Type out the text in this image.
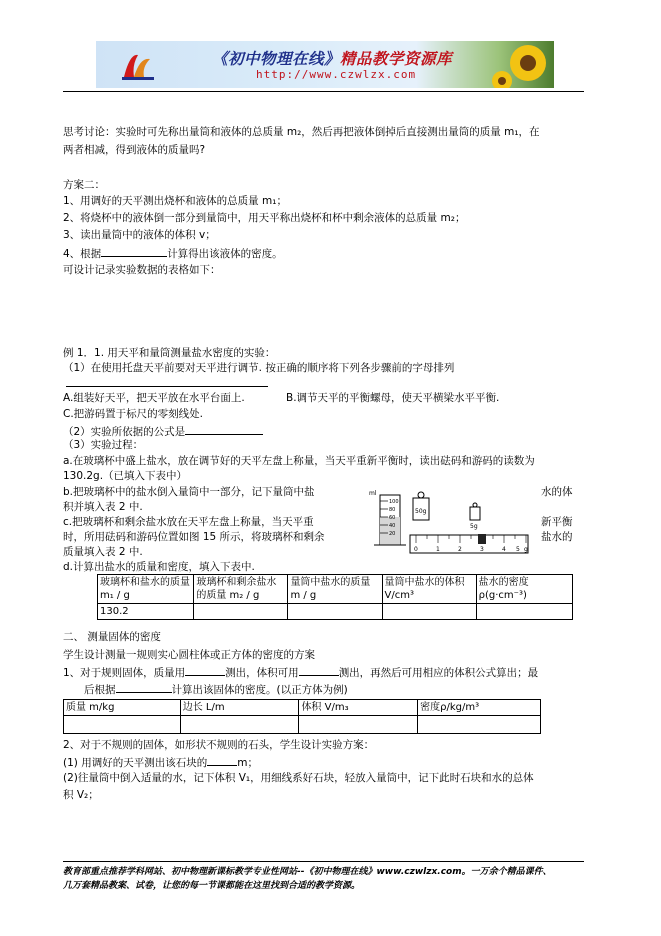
《初中物理在线》精品教学资源库
http://www.czwlzx.com
思考讨论：实验时可先称出量筒和液体的总质量 m₂，然后再把液体倒掉后直接测出量筒的质量 m₁，在
两者相减，得到液体的质量吗?
方案二：
1、用调好的天平测出烧杯和液体的总质量 m₁；
2、将烧杯中的液体倒一部分到量筒中，用天平称出烧杯和杯中剩余液体的总质量 m₂；
3、读出量筒中的液体的体积 v；
4、根据	计算得出该液体的密度。
可设计记录实验数据的表格如下：
例 1．1. 用天平和量筒测量盐水密度的实验：
（1）在使用托盘天平前要对天平进行调节. 按正确的顺序将下列各步骤前的字母排列
A.组装好天平，把天平放在水平台面上.	B.调节天平的平衡螺母，使天平横梁水平平衡.
C.把游码置于标尺的零刻线处.
（2）实验所依据的公式是
（3）实验过程：
a.在玻璃杯中盛上盐水，放在调节好的天平左盘上称量，当天平重新平衡时，读出砝码和游码的读数为
130.2g.（已填入下表中）
b.把玻璃杯中的盐水倒入量筒中一部分，记下量筒中盐	水的体
积并填入表 2 中.
c.把玻璃杯和剩余盐水放在天平左盘上称量，当天平重	新平衡
时，所用砝码和游码位置如图 15 所示，将玻璃杯和剩余	盐水的
质量填入表 2 中.
d.计算出盐水的质量和密度，填入下表中.
ml
100
80
60
40
20
50g
5g
0	1	2	3	4 5 g
玻璃杯和盐水的质量 m₁ / g	玻璃杯和剩余盐水的质量 m₂ / g	量筒中盐水的质量 m / g	量筒中盐水的体积 V/cm³	盐水的密度 ρ(g·cm⁻³)
130.2				
二、 测量固体的密度
学生设计测量一规则实心圆柱体或正方体的密度的方案
1、对于规则固体，质量用	测出，体积可用	测出，再然后可用相应的体积公式算出；最
后根据	计算出该固体的密度。(以正方体为例)
质量 m/kg	边长 L/m	体积 V/m₃	密度ρ/kg/m³

2、对于不规则的固体，如形状不规则的石头，学生设计实验方案：
(1) 用调好的天平测出该石块的	m；
(2)往量筒中倒入适量的水，记下体积 V₁，用细线系好石块，轻放入量筒中，记下此时石块和水的总体
积 V₂；
教育部重点推荐学科网站、初中物理新课标教学专业性网站--《初中物理在线》www.czwlzx.com。一万余个精品课件、
几万套精品教案、试卷，让您的每一节课都能在这里找到合适的教学资源。
